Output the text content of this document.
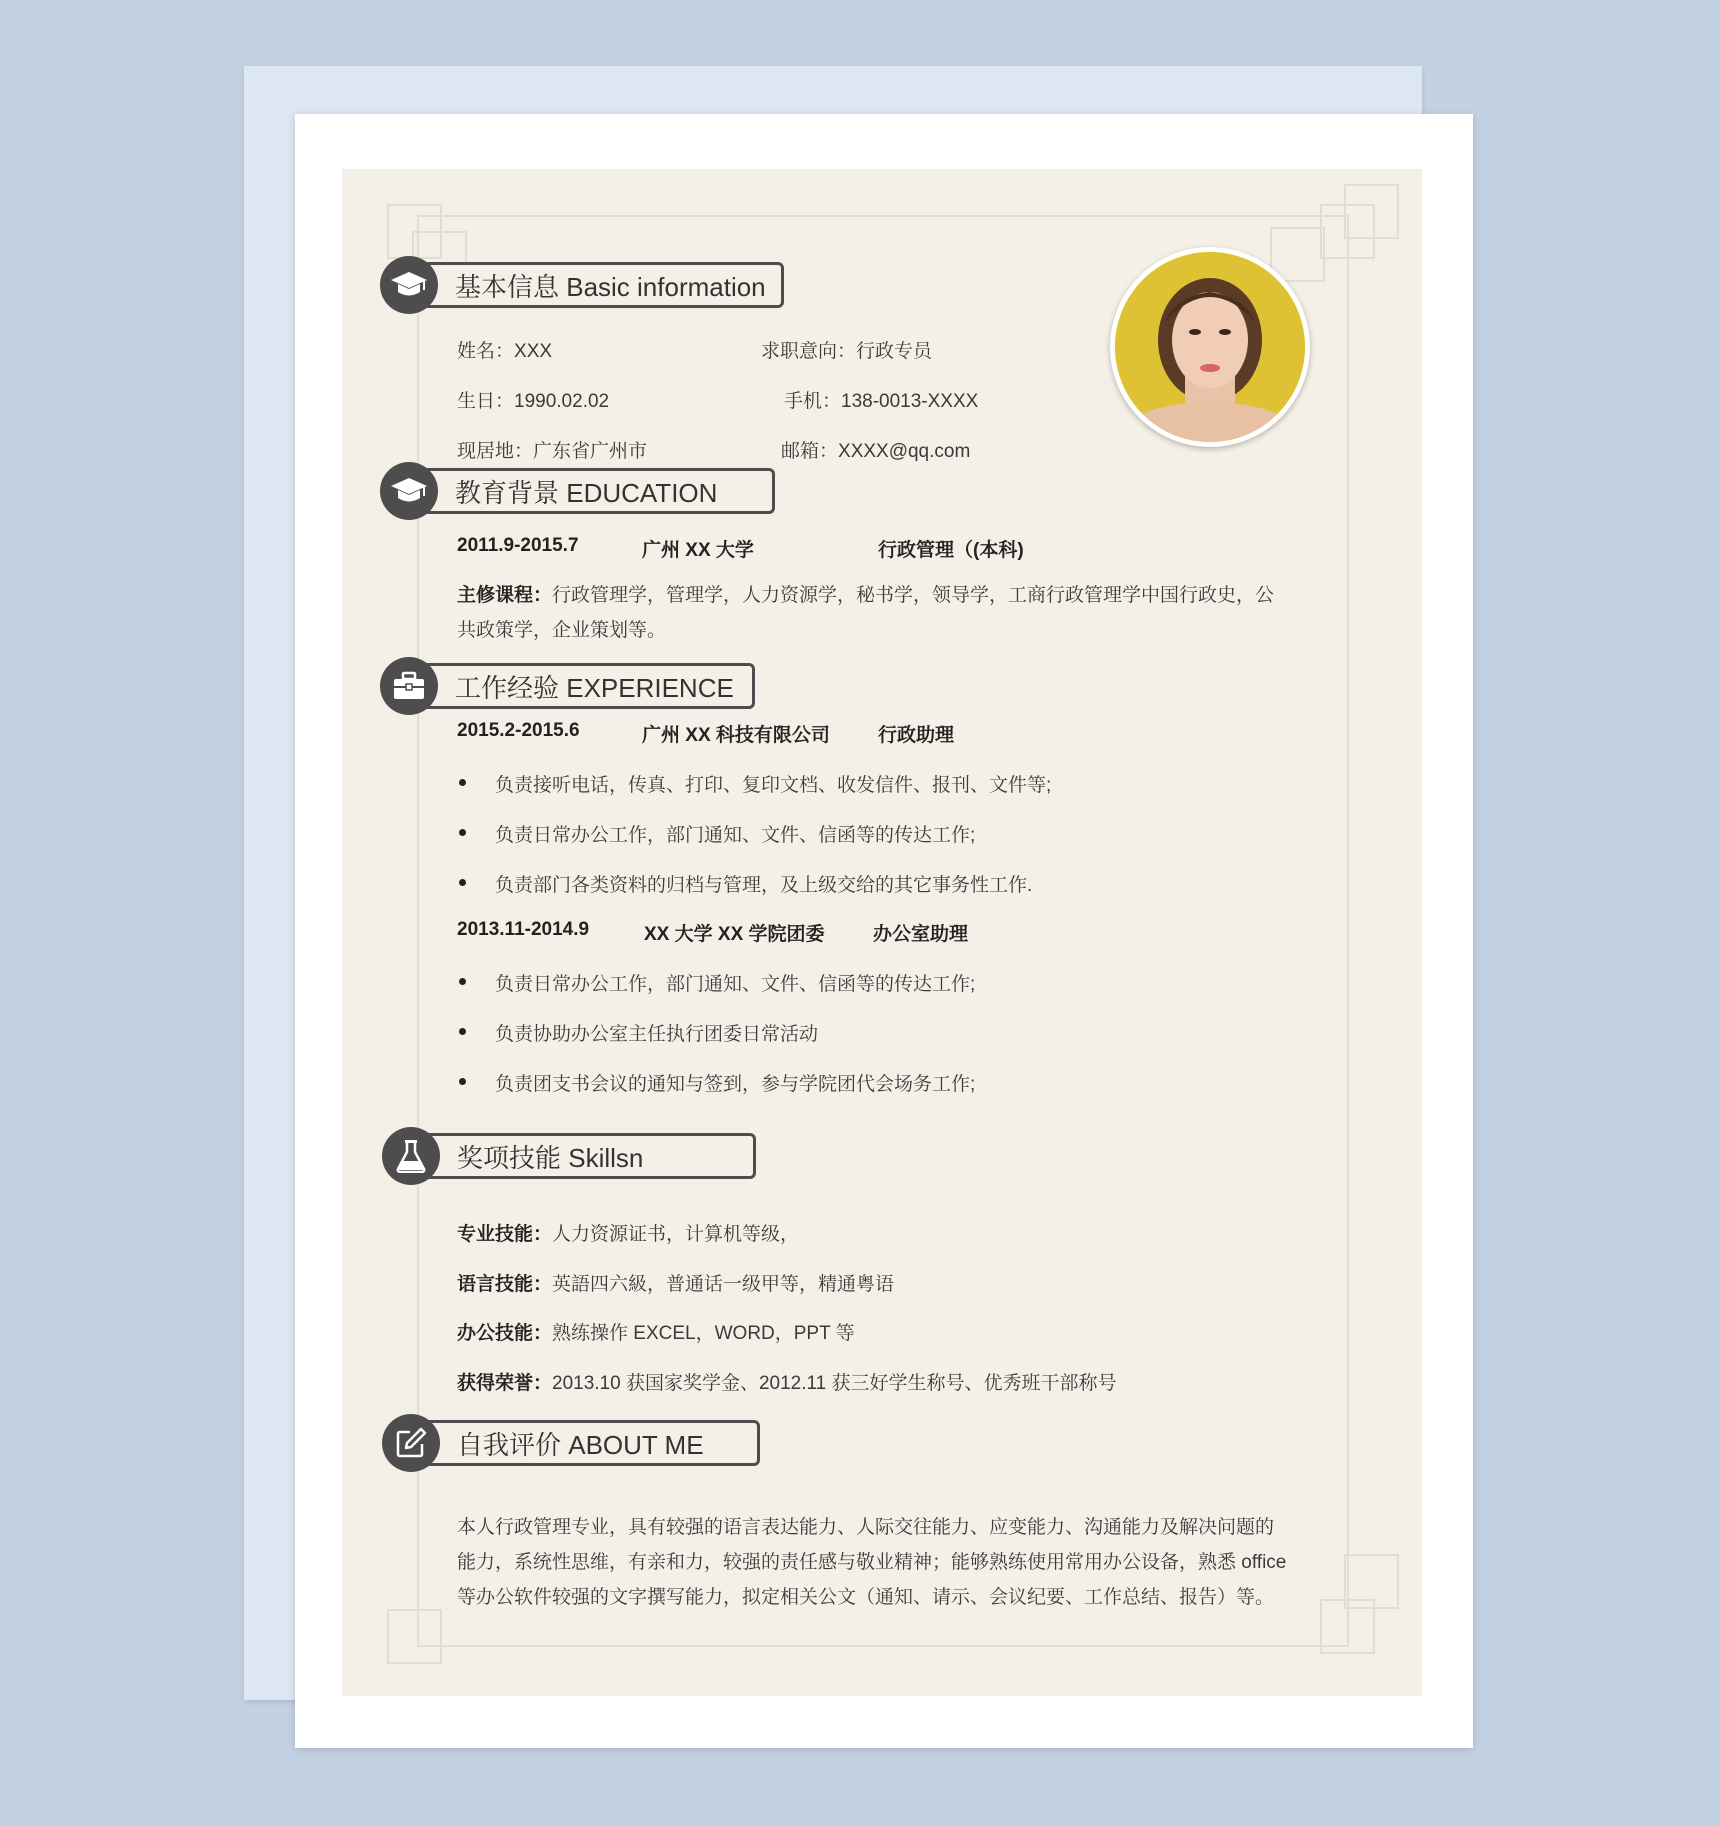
基本信息 Basic information
姓名：XXX	求职意向：行政专员
生日：1990.02.02	手机：138-0013-XXXX
现居地：广东省广州市	邮箱：XXXX@qq.com
教育背景 EDUCATION
2011.9-2015.7	广州 XX 大学	行政管理（(本科)
主修课程：行政管理学，管理学，人力资源学，秘书学，领导学，工商行政管理学中国行政史，公
共政策学，企业策划等。
工作经验 EXPERIENCE
2015.2-2015.6	广州 XX 科技有限公司	行政助理
负责接听电话，传真、打印、复印文档、收发信件、报刊、文件等;
负责日常办公工作，部门通知、文件、信函等的传达工作;
负责部门各类资料的归档与管理，及上级交给的其它事务性工作.
2013.11-2014.9	XX 大学 XX 学院团委	办公室助理
负责日常办公工作，部门通知、文件、信函等的传达工作;
负责协助办公室主任执行团委日常活动
负责团支书会议的通知与签到，参与学院团代会场务工作;
奖项技能 Skillsn
专业技能：人力资源证书，计算机等级，
语言技能：英語四六級，普通话一级甲等，精通粤语
办公技能：熟练操作 EXCEL，WORD，PPT 等
获得荣誉：2013.10 获国家奖学金、2012.11 获三好学生称号、优秀班干部称号
自我评价 ABOUT ME
本人行政管理专业，具有较强的语言表达能力、人际交往能力、应变能力、沟通能力及解决问题的
能力，系统性思维，有亲和力，较强的责任感与敬业精神；能够熟练使用常用办公设备，熟悉 office
等办公软件较强的文字撰写能力，拟定相关公文（通知、请示、会议纪要、工作总结、报告）等。
